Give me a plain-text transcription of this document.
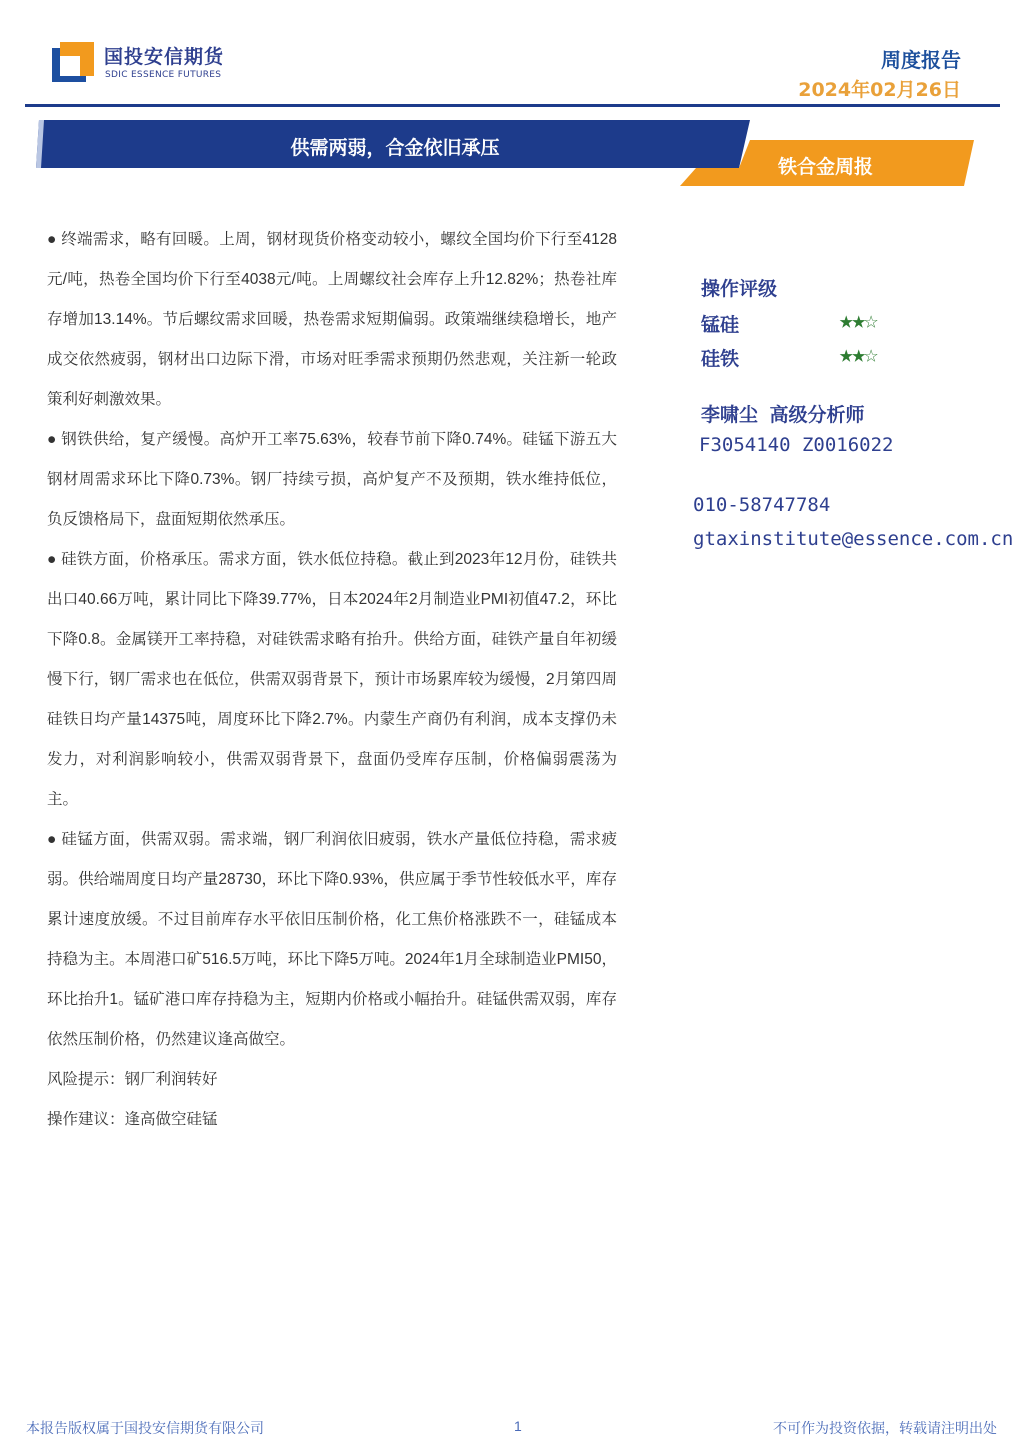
国投安信期货
SDIC ESSENCE FUTURES
周度报告
2024年02月26日
供需两弱，合金依旧承压
铁合金周报

● 终端需求，略有回暖。上周，钢材现货价格变动较小，螺纹全国均价下行至4128元/吨，热卷全国均价下行至4038元/吨。上周螺纹社会库存上升12.82%；热卷社库存增加13.14%。节后螺纹需求回暖，热卷需求短期偏弱。政策端继续稳增长，地产成交依然疲弱，钢材出口边际下滑，市场对旺季需求预期仍然悲观，关注新一轮政策利好刺激效果。

● 钢铁供给，复产缓慢。高炉开工率75.63%，较春节前下降0.74%。硅锰下游五大钢材周需求环比下降0.73%。钢厂持续亏损，高炉复产不及预期，铁水维持低位，负反馈格局下，盘面短期依然承压。

● 硅铁方面，价格承压。需求方面，铁水低位持稳。截止到2023年12月份，硅铁共出口40.66万吨，累计同比下降39.77%，日本2024年2月制造业PMI初值47.2，环比下降0.8。金属镁开工率持稳，对硅铁需求略有抬升。供给方面，硅铁产量自年初缓慢下行，钢厂需求也在低位，供需双弱背景下，预计市场累库较为缓慢，2月第四周硅铁日均产量14375吨，周度环比下降2.7%。内蒙生产商仍有利润，成本支撑仍未发力，对利润影响较小，供需双弱背景下，盘面仍受库存压制，价格偏弱震荡为主。

● 硅锰方面，供需双弱。需求端，钢厂利润依旧疲弱，铁水产量低位持稳，需求疲弱。供给端周度日均产量28730，环比下降0.93%，供应属于季节性较低水平，库存累计速度放缓。不过目前库存水平依旧压制价格，化工焦价格涨跌不一，硅锰成本持稳为主。本周港口矿516.5万吨，环比下降5万吨。2024年1月全球制造业PMI50，环比抬升1。锰矿港口库存持稳为主，短期内价格或小幅抬升。硅锰供需双弱，库存依然压制价格，仍然建议逢高做空。

风险提示：钢厂利润转好

操作建议：逢高做空硅锰

操作评级
锰硅	★★☆
硅铁	★★☆
李啸尘 高级分析师
F3054140 Z0016022
010-58747784
gtaxinstitute@essence.com.cn
本报告版权属于国投安信期货有限公司	1	不可作为投资依据，转载请注明出处
